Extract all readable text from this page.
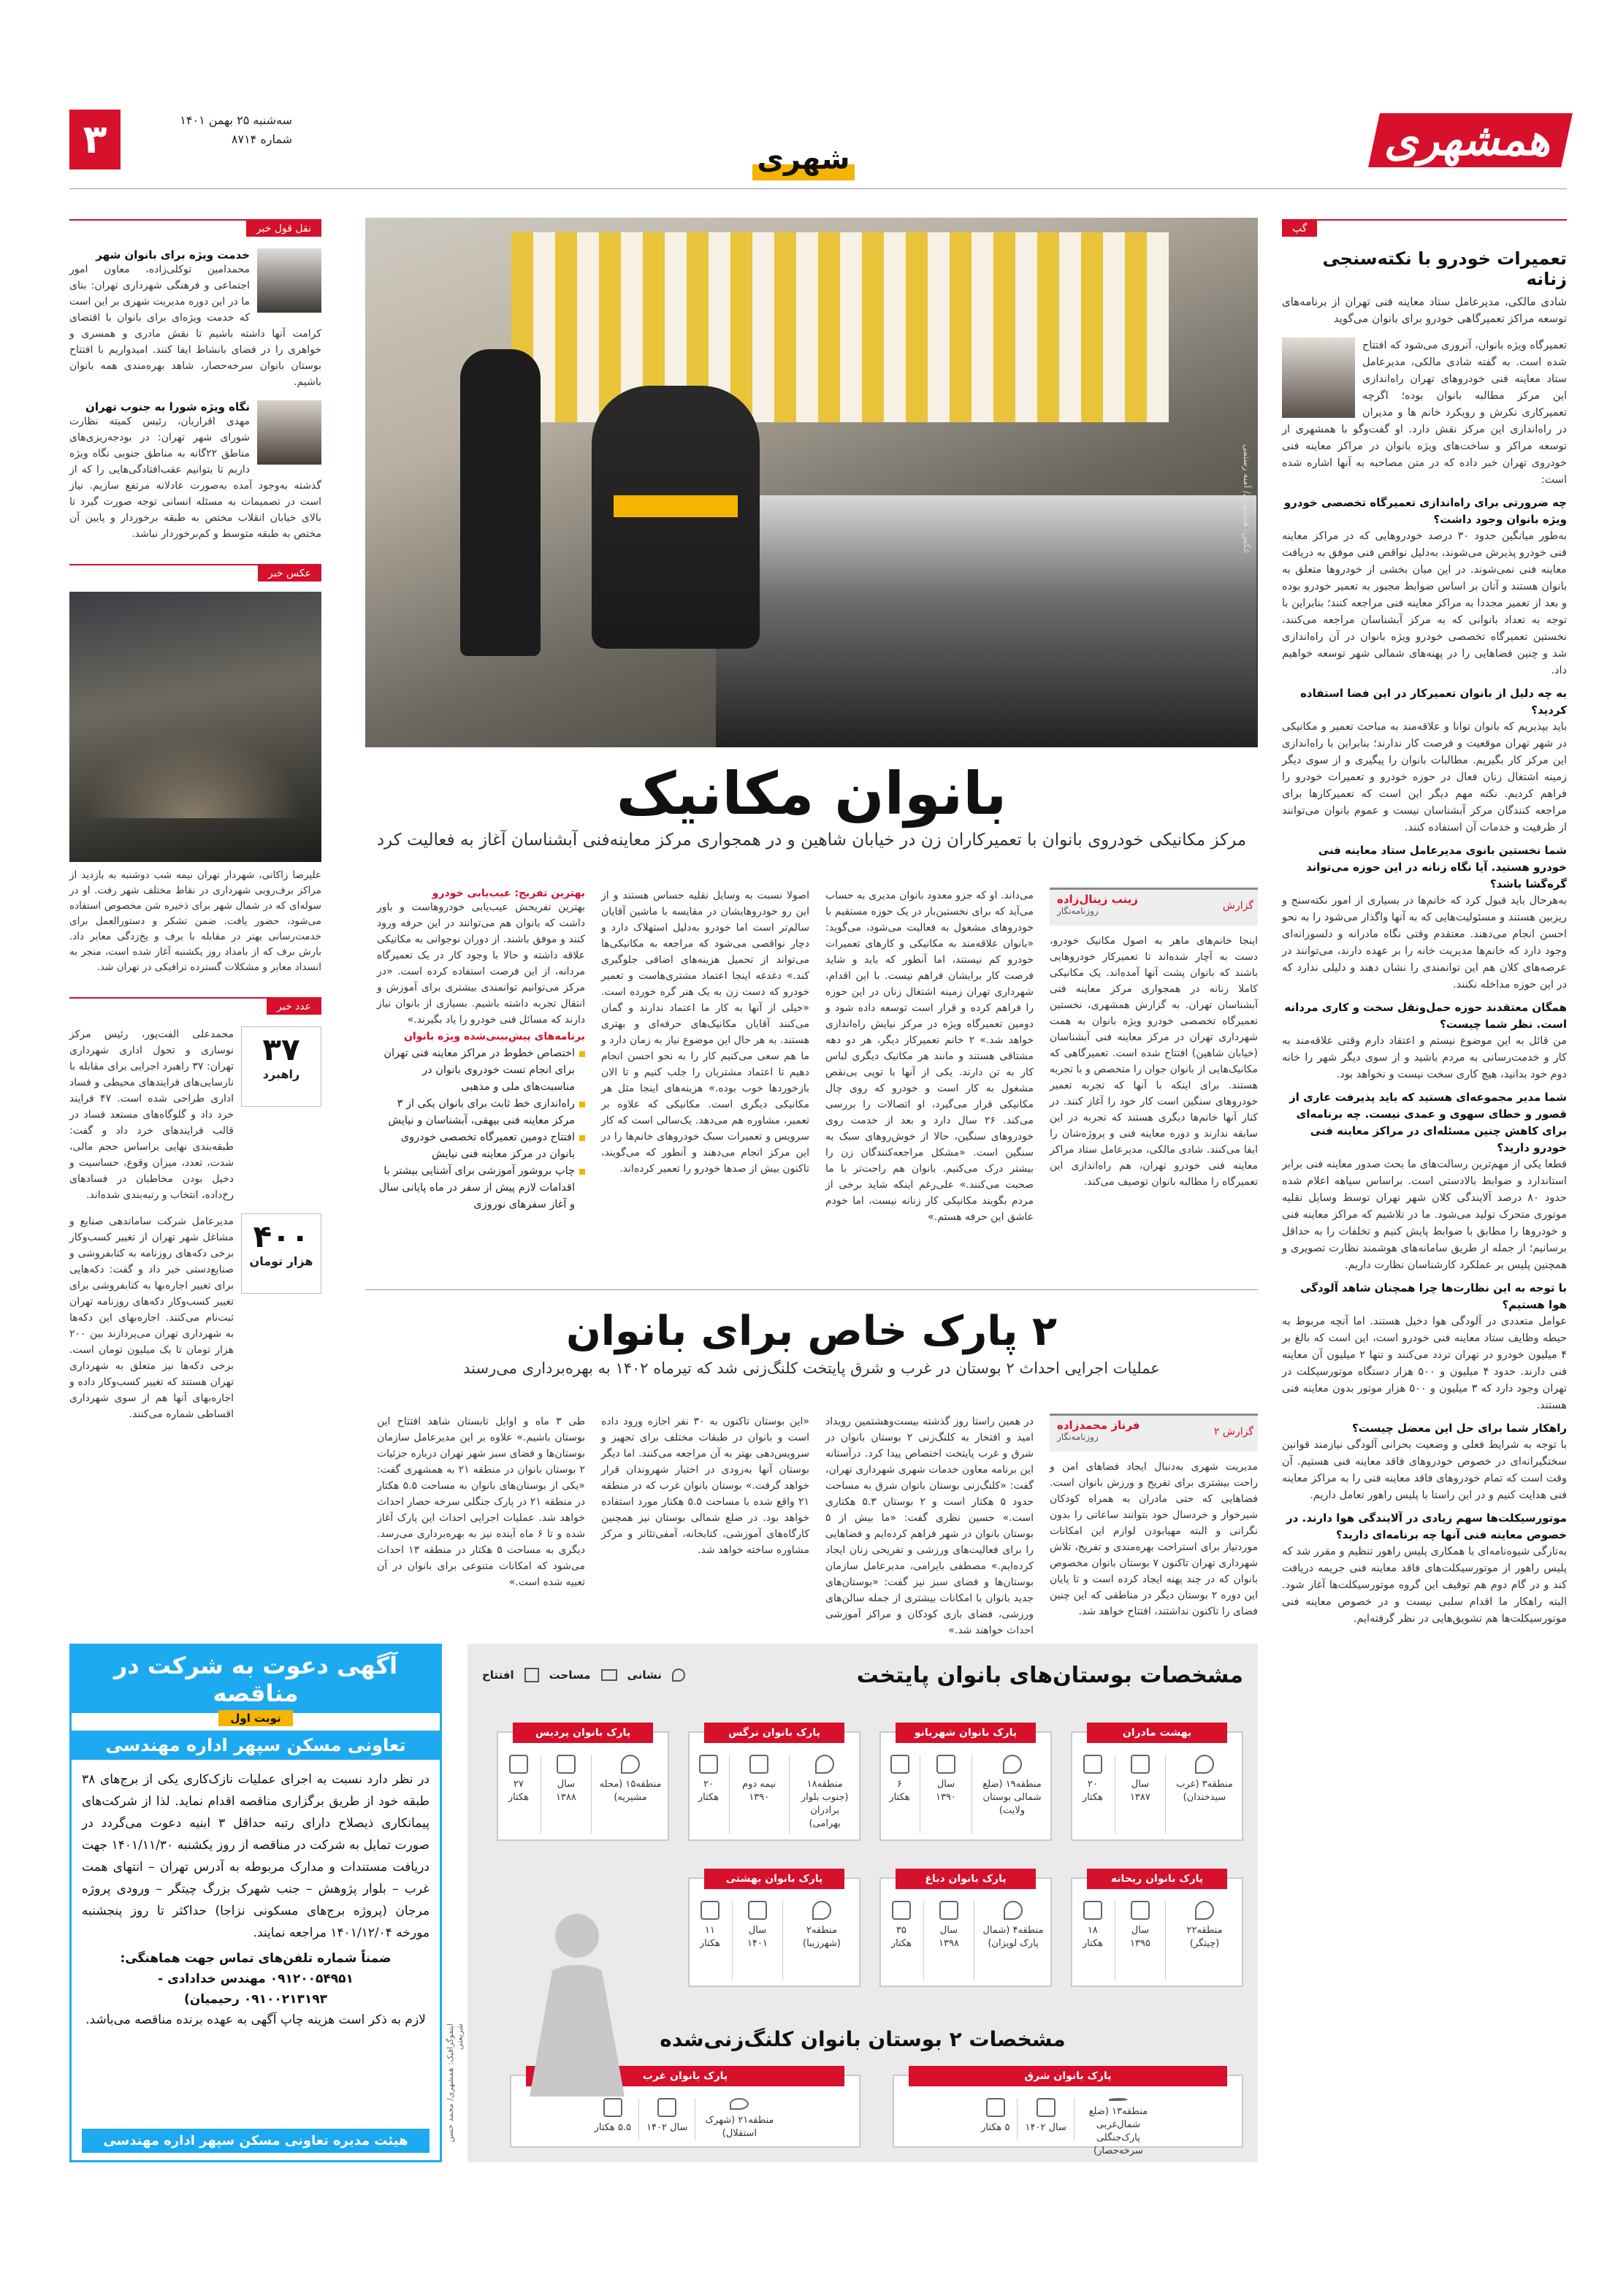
همشهری
شهری
سه‌شنبه ۲۵ بهمن ۱۴۰۱
شماره ۸۷۱۴
۳
گپ
تعمیرات خودرو با نکته‌سنجی زنانه
شادی مالکی، مدیرعامل ستاد معاینه فنی تهران از برنامه‌های توسعه مراکز تعمیرگاهی خودرو برای بانوان می‌گوید
تعمیرگاه ویژه بانوان، آنروزی می‌شود که افتتاح شده است. به گفته شادی مالکی، مدیرعامل ستاد معاینه فنی خودروهای تهران راه‌اندازی این مرکز مطالبه بانوان بوده؛ اگرچه تعمیرکاری نکرش و رویکرد خانم ها و مدیران در راه‌اندازی این مرکز نقش دارد. او گفت‌وگو با همشهری از توسعه مراکز و ساخت‌های ویژه بانوان در مراکز معاینه فنی خودروی تهران خبر داده که در متن مصاحبه به آنها اشاره شده است:
چه ضرورتی برای راه‌اندازی تعمیرگاه تخصصی خودرو ویژه بانوان وجود داشت؟
به‌طور میانگین حدود ۳۰ درصد خودروهایی که در مراکز معاینه فنی خودرو پذیرش می‌شوند، به‌دلیل نواقص فنی موفق به دریافت معاینه فنی نمی‌شوند. در این میان بخشی از خودروها متعلق به بانوان هستند و آنان بر اساس ضوابط مجبور به تعمیر خودرو بوده و بعد از تعمیر مجددا به مراکز معاینه فنی مراجعه کنند؛ بنابراین با توجه به تعداد بانوانی که به مرکز آبشناسان مراجعه می‌کنند، نخستین تعمیرگاه تخصصی خودرو ویژه بانوان در آن راه‌اندازی شد و چنین فضاهایی را در پهنه‌های شمالی شهر توسعه خواهیم داد.
به چه دلیل از بانوان تعمیرکار در این فضا استفاده کردید؟
باید بپذیریم که بانوان توانا و علاقه‌مند به مباحث تعمیر و مکانیکی در شهر تهران موقعیت و فرصت کار ندارند؛ بنابراین با راه‌اندازی این مرکز کار بگیریم. مطالبات بانوان را پیگیری و از سوی دیگر زمینه اشتغال زنان فعال در حوزه خودرو و تعمیرات خودرو را فراهم کردیم. نکته مهم دیگر این است که تعمیرکارها برای مراجعه کنندگان مرکز آبشناسان نیست و عموم بانوان می‌توانند از ظرفیت و خدمات آن استفاده کنند.
شما نخستین بانوی مدیرعامل ستاد معاینه فنی خودرو هستید. آیا نگاه زنانه در این حوزه می‌تواند گره‌گشا باشد؟
به‌هرحال باید قبول کرد که خانم‌ها در بسیاری از امور نکته‌سنج و ریزبین هستند و مسئولیت‌هایی که به آنها واگذار می‌شود را به نحو احسن انجام می‌دهند. معتقدم وقتی نگاه مادرانه و دلسوزانه‌ای وجود دارد که خانم‌ها مدیریت خانه را بر عهده دارند، می‌توانند در عرصه‌های کلان هم این توانمندی را نشان دهند و دلیلی ندارد که در این حوزه مداخله نکنند.
همگان معتقدند حوزه حمل‌ونقل سخت و کاری مردانه است. نظر شما چیست؟
من قائل به این موضوع نیستم و اعتقاد دارم وقتی علاقه‌مند به کار و خدمت‌رسانی به مردم باشید و از سوی دیگر شهر را خانه دوم خود بدانید، هیچ کاری سخت نیست و نخواهد بود.
شما مدیر مجموعه‌ای هستید که باید پذیرفت عاری از قصور و خطای سهوی و عمدی نیست. چه برنامه‌ای برای کاهش چنین مسئله‌ای در مراکز معاینه فنی خودرو دارید؟
قطعا یکی از مهم‌ترین رسالت‌های ما بحث صدور معاینه فنی برابر استاندارد و ضوابط بالادستی است. براساس سیاهه اعلام شده حدود ۸۰ درصد آلایندگی کلان شهر تهران توسط وسایل نقلیه موتوری متحرک تولید می‌شود. ما در تلاشیم که مراکز معاینه فنی و خودروها را مطابق با ضوابط پایش کنیم و تخلفات را به حداقل برسانیم؛ از جمله از طریق سامانه‌های هوشمند نظارت تصویری و همچنین پلیس بر عملکرد کارشناسان نظارت داریم.
با توجه به این نظارت‌ها چرا همچنان شاهد آلودگی هوا هستیم؟
عوامل متعددی در آلودگی هوا دخیل هستند. اما آنچه مربوط به حیطه وظایف ستاد معاینه فنی خودرو است، این است که بالغ بر ۴ میلیون خودرو در تهران تردد می‌کنند و تنها ۲ میلیون آن معاینه فنی دارند. حدود ۴ میلیون و ۵۰۰ هزار دستگاه موتورسیکلت در تهران وجود دارد که ۳ میلیون و ۵۰۰ هزار موتور بدون معاینه فنی هستند.
راهکار شما برای حل این معضل چیست؟
با توجه به شرایط فعلی و وضعیت بحرانی آلودگی نیازمند قوانین سختگیرانه‌ای در خصوص خودروهای فاقد معاینه فنی هستیم. آن وقت است که تمام خودروهای فاقد معاینه فنی را به مراکز معاینه فنی هدایت کنیم و در این راستا با پلیس راهور تعامل داریم.
موتورسیکلت‌ها سهم زیادی در آلایندگی هوا دارند. در خصوص معاینه فنی آنها چه برنامه‌ای دارید؟
به‌تازگی شیوه‌نامه‌ای با همکاری پلیس راهور تنظیم و مقرر شد که پلیس راهور از موتورسیکلت‌های فاقد معاینه فنی جریمه دریافت کند و در گام دوم هم توقیف این گروه موتورسیکلت‌ها آغاز شود. البته راهکار ما اقدام سلبی نیست و در خصوص معاینه فنی موتورسیکلت‌ها هم تشویق‌هایی در نظر گرفته‌ایم.
نقل قول خبر
خدمت ویژه برای بانوان شهر
محمدامین توکلی‌زاده، معاون امور اجتماعی و فرهنگی شهرداری تهران: بنای ما در این دوره مدیریت شهری بر این است که خدمت ویژه‌ای برای بانوان با اقتضای کرامت آنها داشته باشیم تا نقش مادری و همسری و خواهری را در فضای بانشاط ایفا کنند. امیدواریم با افتتاح بوستان بانوان سرخه‌حصار، شاهد بهره‌مندی همه بانوان باشیم.
نگاه ویژه شورا به جنوب تهران
مهدی اقراریان، رئیس کمیته نظارت شورای شهر تهران: در بودجه‌ریزی‌های مناطق ۲۲گانه به مناطق جنوبی نگاه ویژه داریم تا بتوانیم عقب‌افتادگی‌هایی را که از گذشته به‌وجود آمده به‌صورت عادلانه مرتفع سازیم. نیاز است در تصمیمات به مسئله انسانی توجه صورت گیرد تا بالای خیابان انقلاب مختص به طبقه برخوردار و پایین آن مختص به طبقه متوسط و کم‌برخوردار نباشد.
عکس خبر
علیرضا زاکانی، شهردار تهران نیمه شب دوشنبه به بازدید از مراکز برف‌روبی شهرداری در نقاط مختلف شهر رفت. او در سوله‌ای که در شمال شهر برای ذخیره شن مخصوص استفاده می‌شود، حضور یافت. ضمن تشکر و دستورالعمل برای خدمت‌رسانی بهتر در مقابله با برف و یخ‌زدگی معابر داد. بارش برف که از بامداد روز یکشنبه آغاز شده است، منجر به انسداد معابر و مشکلات گسترده ترافیکی در تهران شد.
عدد خبر
۳۷
راهبرد
محمدعلی الفت‌پور، رئیس مرکز نوسازی و تحول اداری شهرداری تهران: ۳۷ راهبرد اجرایی برای مقابله با نارسایی‌های فرایندهای محیطی و فساد اداری طراحی شده است. ۴۷ فرایند خرد داد و گلوگاه‌های مستعد فساد در قالب فرایندهای خرد داد و گفت: طبقه‌بندی نهایی براساس حجم مالی، شدت، تعدد، میزان وقوع، حساسیت و دخیل بودن مخاطبان در فسادهای رخ‌داده، انتخاب و رتبه‌بندی شده‌اند.
۴۰۰
هزار تومان
مدیرعامل شرکت ساماندهی صنایع و مشاغل شهر تهران از تغییر کسب‌وکار برخی دکه‌های روزنامه به کتابفروشی و صنایع‌دستی خبر داد و گفت: دکه‌هایی برای تغییر اجاره‌بها به کتابفروشی برای تغییر کسب‌وکار دکه‌های روزنامه تهران ثبت‌نام می‌کنند. اجاره‌بهای این دکه‌ها به شهرداری تهران می‌پردازند بین ۲۰۰ هزار تومان تا یک میلیون تومان است. برخی دکه‌ها نیز متعلق به شهرداری تهران هستند که تغییر کسب‌وکار داده و اجاره‌بهای آنها هم از سوی شهرداری اقساطی شماره می‌کنند.
عکس: همشهری/ آمنه رستمی
بانوان مکانیک
مرکز مکانیکی خودروی بانوان با تعمیرکاران زن در خیابان شاهین و در همجواری مرکز معاینه‌فنی آبشناسان آغاز به فعالیت کرد
گزارش
زینب زینال‌زاده
روزنامه‌نگار
اینجا خانم‌های ماهر به اصول مکانیک خودرو، دست به آچار شده‌اند تا تعمیرکار خودروهایی باشند که بانوان پشت آنها آمده‌اند. یک مکانیکی کاملا زنانه در همجواری مرکز معاینه فنی آبشناسان تهران. به گزارش همشهری، نخستین تعمیرگاه تخصصی خودرو ویژه بانوان به همت شهرداری تهران در مرکز معاینه فنی آبشناسان (خیابان شاهین) افتتاح شده است. تعمیرگاهی که مکانیک‌هایی از بانوان جوان را متخصص و با تجربه هستند. برای اینکه با آنها که تجربه تعمیر خودروهای سنگین است کار خود را آغاز کنند. در کنار آنها خانم‌ها دیگری هستند که تجربه در این سابقه ندارند و دوره معاینه فنی و پروژه‌شان را ایفا می‌کنند. شادی مالکی، مدیرعامل ستاد مراکز معاینه فنی خودرو تهران، هم راه‌اندازی این تعمیرگاه را مطالبه بانوان توصیف می‌کند.
می‌داند. او که جزو معدود بانوان مدیری به حساب می‌آید که برای نخستین‌بار در یک حوزه مستقیم با خودروهای مشغول به فعالیت می‌شود، می‌گوید: «بانوان علاقه‌مند به مکانیکی و کارهای تعمیرات خودرو کم نیستند، اما آنطور که باید و شاید فرصت کار برایشان فراهم نیست. با این اقدام، شهرداری تهران زمینه اشتغال زنان در این حوزه را فراهم کرده و قرار است توسعه داده شود و دومین تعمیرگاه ویژه در مرکز نیایش راه‌اندازی خواهد شد.» ۲ خانم تعمیرکار دیگر، هر دو دهه مشتاقی هستند و مانند هر مکانیک دیگری لباس کار به تن دارند. یکی از آنها با توپی بی‌نقص مشغول به کار است و خودرو که روی چال مکانیکی قرار می‌گیرد، او اتصالات را بررسی می‌کند. ۲۶ سال دارد و بعد از خدمت روی خودروهای سنگین، حالا از خوش‌روهای سبک به سنگین است. «مشکل مراجعه‌کنندگان زن را بیشتر درک می‌کنیم. بانوان هم راحت‌تر با ما صحبت می‌کنند.» علی‌رغم اینکه شاید برخی از مردم بگویند مکانیکی کار زنانه نیست، اما خودم عاشق این حرفه هستم.»
اصولا نسبت به وسایل نقلیه حساس هستند و از این رو خودروهایشان در مقایسه با ماشین آقایان سالم‌تر است اما خودرو به‌دلیل استهلاک دارد و دچار نواقصی می‌شود که مراجعه به مکانیکی‌ها می‌تواند از تحمیل هزینه‌های اضافی جلوگیری کند.» دغدغه اینجا اعتماد مشتری‌هاست و تعمیر خودرو که دست زن به یک هنر گره خورده است. «خیلی از آنها به کار ما اعتماد ندارند و گمان می‌کنند آقایان مکانیک‌های حرفه‌ای و بهتری هستند. به هر حال این موضوع نیاز به زمان دارد و ما هم سعی می‌کنیم کار را به نحو احسن انجام دهیم تا اعتماد مشتریان را جلب کنیم و تا الان بازخوردها خوب بوده.» هزینه‌های اینجا مثل هر مکانیکی دیگری است. مکانیکی که علاوه بر تعمیر، مشاوره هم می‌دهد. یک‌سالی است که کار سرویس و تعمیرات سبک خودروهای خانم‌ها را در این مرکز انجام می‌دهند و آنطور که می‌گویند، تاکنون بیش از صدها خودرو را تعمیر کرده‌اند.
بهترین تفریح: عیب‌یابی خودرو
بهترین تفریحش عیب‌یابی خودروهاست و باور داشت که بانوان هم می‌توانند در این حرفه ورود کنند و موفق باشند. از دوران نوجوانی به مکانیکی علاقه داشته و حالا با وجود کار در یک تعمیرگاه مردانه، از این فرصت استفاده کرده است. «در مرکز می‌توانیم توانمندی بیشتری برای آموزش و انتقال تجربه داشته باشیم. بسیاری از بانوان نیاز دارند که مسائل فنی خودرو را یاد بگیرند.»
برنامه‌های پیش‌بینی‌شده ویژه بانوان
اختصاص خطوط در مراکز معاینه فنی تهران برای انجام تست خودروی بانوان در مناسبت‌های ملی و مذهبی
راه‌اندازی خط ثابت برای بانوان یکی از ۳ مرکز معاینه فنی بیهقی، آبشناسان و نیایش
افتتاح دومین تعمیرگاه تخصصی خودروی بانوان در مرکز معاینه فنی نیایش
چاپ بروشور آموزشی برای آشنایی بیشتر با اقدامات لازم پیش از سفر در ماه پایانی سال و آغاز سفرهای نوروزی
۲ پارک خاص برای بانوان
عملیات اجرایی احداث ۲ بوستان در غرب و شرق پایتخت کلنگ‌زنی شد که تیرماه ۱۴۰۲ به بهره‌برداری می‌رسند
گزارش ۲
فرناز محمدزاده
روزنامه‌نگار
مدیریت شهری به‌دنبال ایجاد فضاهای امن و راحت بیشتری برای تفریح و ورزش بانوان است. فضاهایی که حتی مادران به همراه کودکان شیرخوار و خردسال خود بتوانند ساعاتی را بدون نگرانی و البته مهیابودن لوازم این امکانات مورد‌نیاز برای استراحت بهره‌مندی و تفریح، تلاش شهرداری تهران تاکنون ۷ بوستان بانوان مخصوص بانوان که در چند پهنه ایجاد کرده است و تا پایان این دوره ۲ بوستان دیگر در مناطقی که این چنین فضای را تاکنون نداشتند، افتتاح خواهد شد.
در همین راستا روز گذشته بیست‌و‌هشتمین رویداد امید و افتخار به کلنگ‌زنی ۲ بوستان بانوان در شرق و غرب پایتخت اختصاص پیدا کرد. درآستانه این برنامه معاون خدمات شهری شهرداری تهران، گفت: «کلنگ‌زنی بوستان بانوان شرق به مساحت حدود ۵ هکتار است و ۲ بوستان ۵.۳ هکتاری است.» حسین نظری گفت: «ما بیش از ۵ بوستان بانوان در شهر فراهم کرده‌ایم و فضاهایی را برای فعالیت‌های ورزشی و تفریحی زنان ایجاد کرده‌ایم.» مصطفی بایرامی، مدیرعامل سازمان بوستان‌ها و فضای سبز نیز گفت: «بوستان‌های جدید بانوان با امکانات بیشتری از جمله سالن‌های ورزشی، فضای بازی کودکان و مراکز آموزشی احداث خواهند شد.»
«این بوستان تاکنون به ۳۰ نفر اجازه ورود داده است و بانوان در طبقات مختلف برای تجهیز و سرویس‌دهی بهتر به آن مراجعه می‌کنند. اما دیگر بوستان آنها به‌زودی در اختیار شهروندان قرار خواهد گرفت.» بوستان بانوان غرب که در منطقه ۲۱ واقع شده با مساحت ۵.۵ هکتار مورد استفاده خواهد بود. در ضلع شمالی بوستان نیز همچنین کارگاه‌های آموزشی، کتابخانه، آمفی‌تئاتر و مرکز مشاوره ساخته خواهد شد.
طی ۳ ماه و اوایل تابستان شاهد افتتاح این بوستان باشیم.» علاوه بر این مدیرعامل سازمان بوستان‌ها و فضای سبز شهر تهران درباره جزئیات ۲ بوستان بانوان در منطقه ۲۱ به همشهری گفت: «یکی از بوستان‌های بانوان به مساحت ۵.۵ هکتار در منطقه ۲۱ در پارک جنگلی سرخه حصار احداث خواهد شد. عملیات اجرایی احداث این پارک آغاز شده و تا ۶ ماه آینده نیز به بهره‌برداری می‌رسد. دیگری به مساحت ۵ هکتار در منطقه ۱۳ احداث می‌شود که امکانات متنوعی برای بانوان در آن تعبیه شده است.»
مشخصات بوستان‌های بانوان پایتخت
نشانی
مساحت
افتتاح
بهشت مادران
منطقه۳ (غرب سیدخندان)
سال ۱۳۸۷
۲۰ هکتار
پارک بانوان شهربانو
منطقه۱۹ (ضلع شمالی بوستان ولایت)
سال ۱۳۹۰
۶ هکتار
پارک بانوان نرگس
منطقه۱۸ (جنوب بلوار برادران بهرامی)
نیمه دوم ۱۳۹۰
۲۰ هکتار
پارک بانوان پردیس
منطقه۱۵ (محله مشیریه)
سال ۱۳۸۸
۲۷ هکتار
پارک بانوان ریحانه
منطقه۲۲ (چیتگر)
سال ۱۳۹۵
۱۸ هکتار
پارک بانوان دباغ
منطقه۴ (شمال پارک لویزان)
سال ۱۳۹۸
۳۵ هکتار
پارک بانوان بهشتی
منطقه۲ (شهرزیبا)
سال ۱۴۰۱
۱۱ هکتار
پارک بانوان شرق
منطقه۱۳ (ضلع شمال‌غربی پارک‌جنگلی سرخه‌حصار)
سال ۱۴۰۲
۵ هکتار
پارک بانوان غرب
منطقه۲۱ (شهرک استقلال)
سال ۱۴۰۲
۵.۵ هکتار
مشخصات ۲ بوستان بانوان کلنگ‌زنی‌شده
اینفوگرافیک: همشهری/ محمد حسن شریعتی
آگهی دعوت به شرکت در مناقصه
نوبت اول
تعاونی مسکن سپهر اداره مهندسی
در نظر دارد نسبت به اجرای عملیات نازک‌کاری یکی از برج‌های ۳۸ طبقه خود از طریق برگزاری مناقصه اقدام نماید. لذا از شرکت‌های پیمانکاری ذیصلاح دارای رتبه حداقل ۳ ابنیه دعوت می‌گردد در صورت تمایل به شرکت در مناقصه از روز یکشنبه ۱۴۰۱/۱۱/۳۰ جهت دریافت مستندات و مدارک مربوطه به آدرس تهران – انتهای همت غرب – بلوار پژوهش – جنب شهرک بزرگ چیتگر – ورودی پروژه مرجان (پروژه برج‌های مسکونی نزاجا) حداکثر تا روز پنجشنبه مورخه ۱۴۰۱/۱۲/۰۴ مراجعه نمایند.
ضمناً شماره تلفن‌های تماس جهت هماهنگی:
۰۹۱۲۰۰۵۴۹۵۱ مهندس خدادادی -
۰۹۱۰۰۲۱۳۱۹۳ رحیمیان)
لازم به ذکر است هزینه چاپ آگهی به عهده برنده مناقصه می‌باشد.
هیئت مدیره تعاونی مسکن سپهر اداره مهندسی
